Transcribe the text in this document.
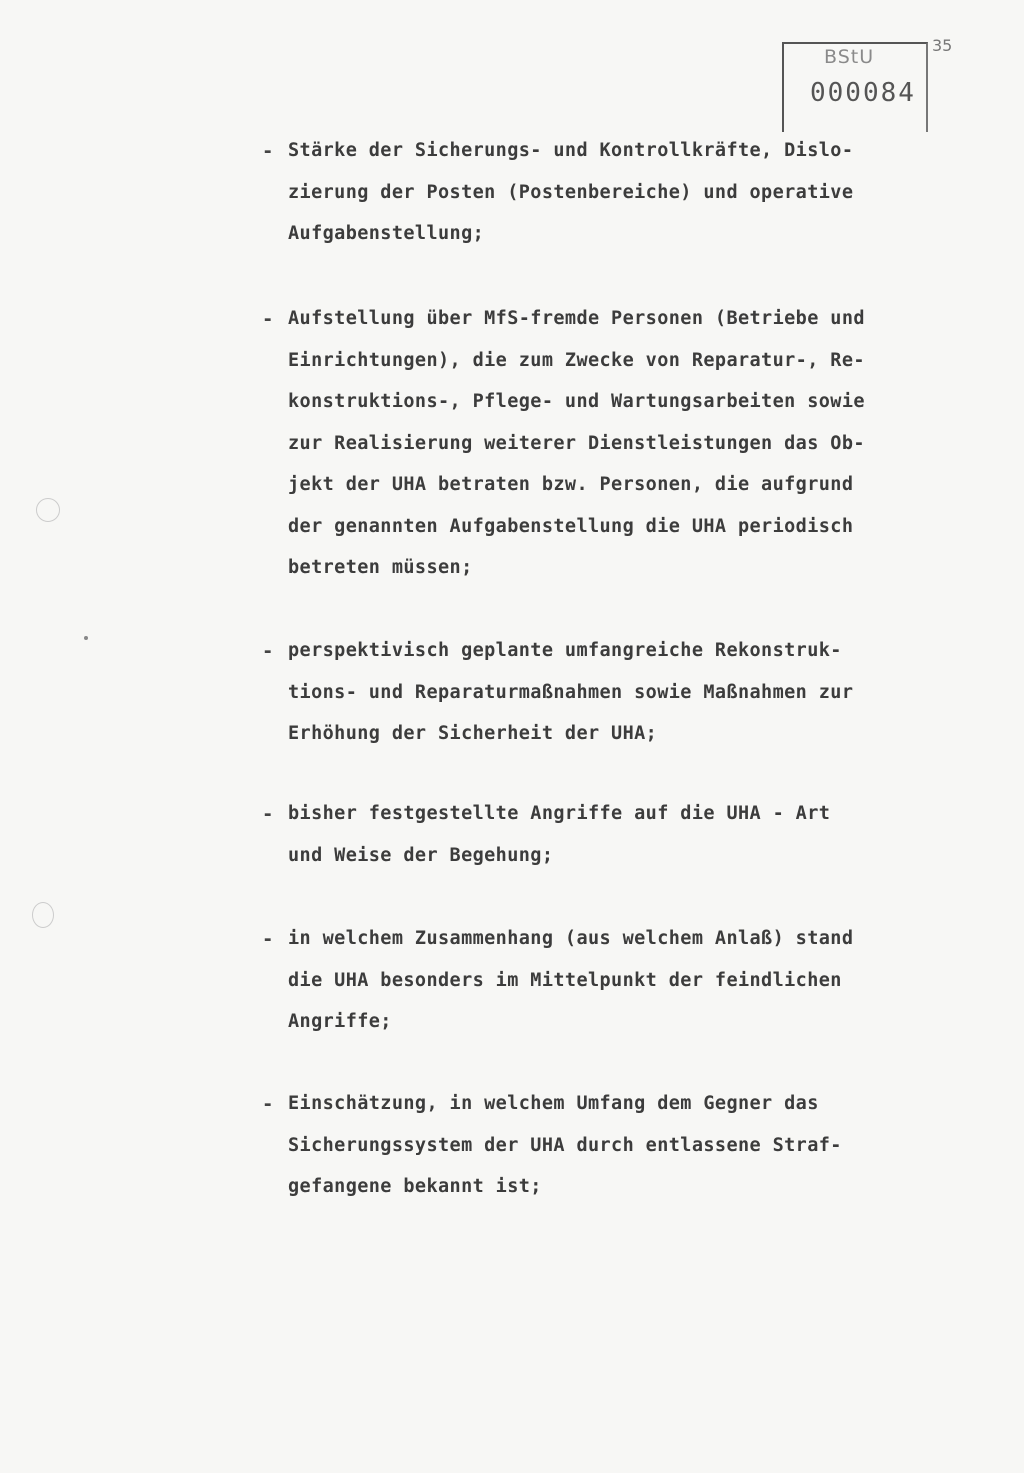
BStU
000084
35
- Stärke der Sicherungs- und Kontrollkräfte, Dislo-
zierung der Posten (Postenbereiche) und operative
Aufgabenstellung;
- Aufstellung über MfS-fremde Personen (Betriebe und
Einrichtungen), die zum Zwecke von Reparatur-, Re-
konstruktions-, Pflege- und Wartungsarbeiten sowie
zur Realisierung weiterer Dienstleistungen das Ob-
jekt der UHA betraten bzw. Personen, die aufgrund
der genannten Aufgabenstellung die UHA periodisch
betreten müssen;
- perspektivisch geplante umfangreiche Rekonstruk-
tions- und Reparaturmaßnahmen sowie Maßnahmen zur
Erhöhung der Sicherheit der UHA;
- bisher festgestellte Angriffe auf die UHA - Art
und Weise der Begehung;
- in welchem Zusammenhang (aus welchem Anlaß) stand
die UHA besonders im Mittelpunkt der feindlichen
Angriffe;
- Einschätzung, in welchem Umfang dem Gegner das
Sicherungssystem der UHA durch entlassene Straf-
gefangene bekannt ist;
